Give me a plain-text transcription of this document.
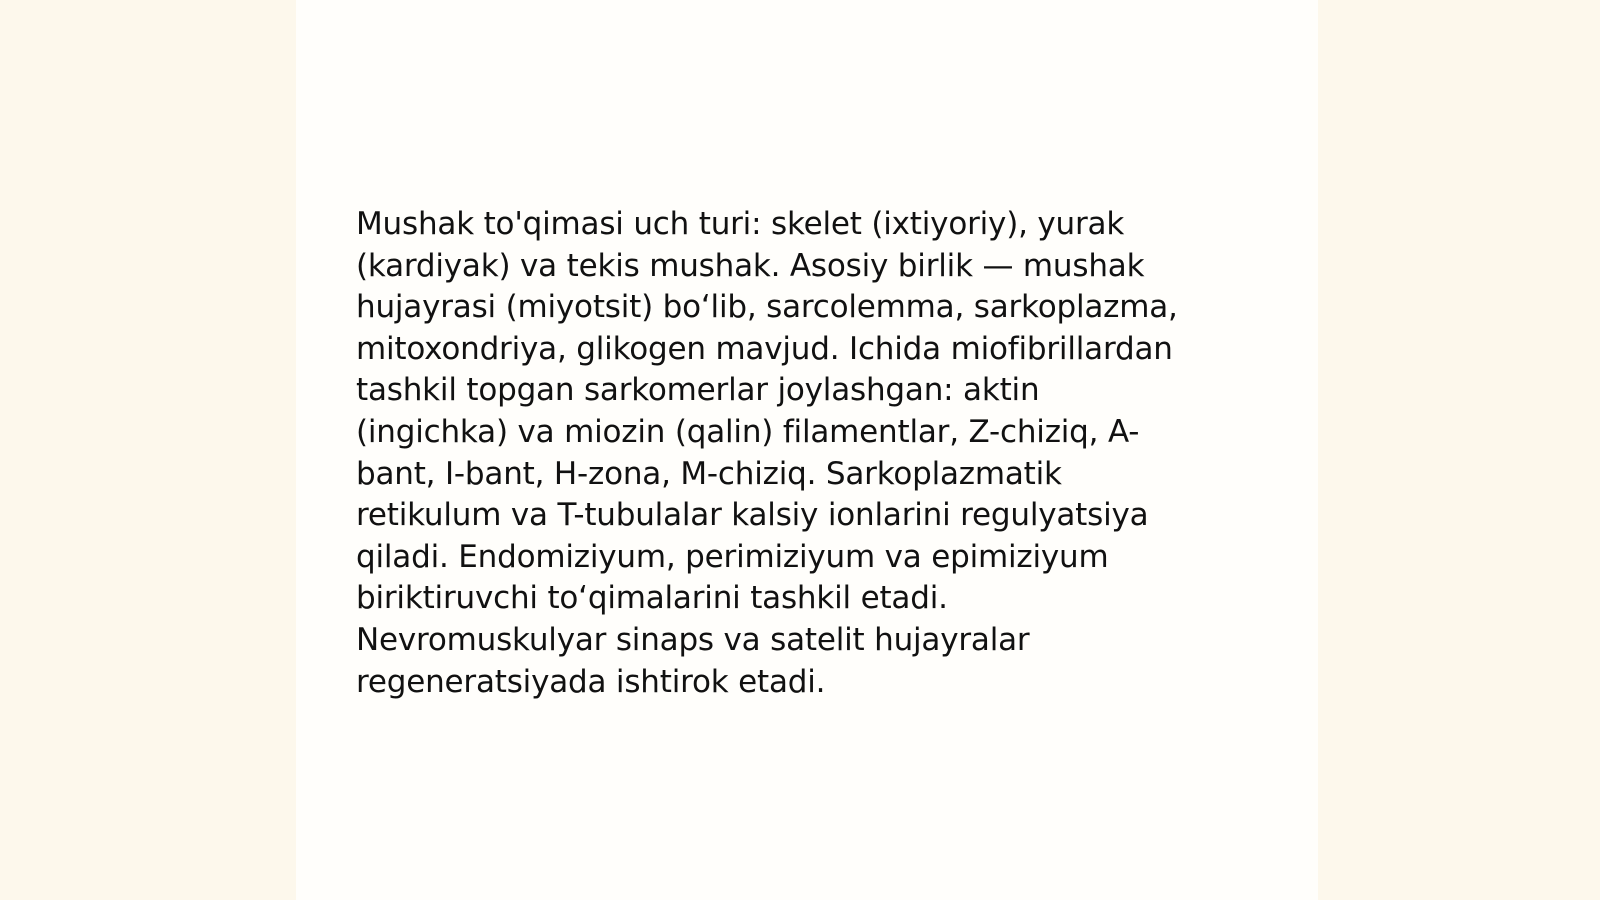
Mushak to'qimasi uch turi: skelet (ixtiyoriy), yurak
(kardiyak) va tekis mushak. Asosiy birlik — mushak
hujayrasi (miyotsit) bo‘lib, sarcolemma, sarkoplazma,
mitoxondriya, glikogen mavjud. Ichida miofibrillardan
tashkil topgan sarkomerlar joylashgan: aktin
(ingichka) va miozin (qalin) filamentlar, Z-chiziq, A-
bant, I-bant, H-zona, M-chiziq. Sarkoplazmatik
retikulum va T-tubulalar kalsiy ionlarini regulyatsiya
qiladi. Endomiziyum, perimiziyum va epimiziyum
biriktiruvchi to‘qimalarini tashkil etadi.
Nevromuskulyar sinaps va satelit hujayralar
regeneratsiyada ishtirok etadi.
